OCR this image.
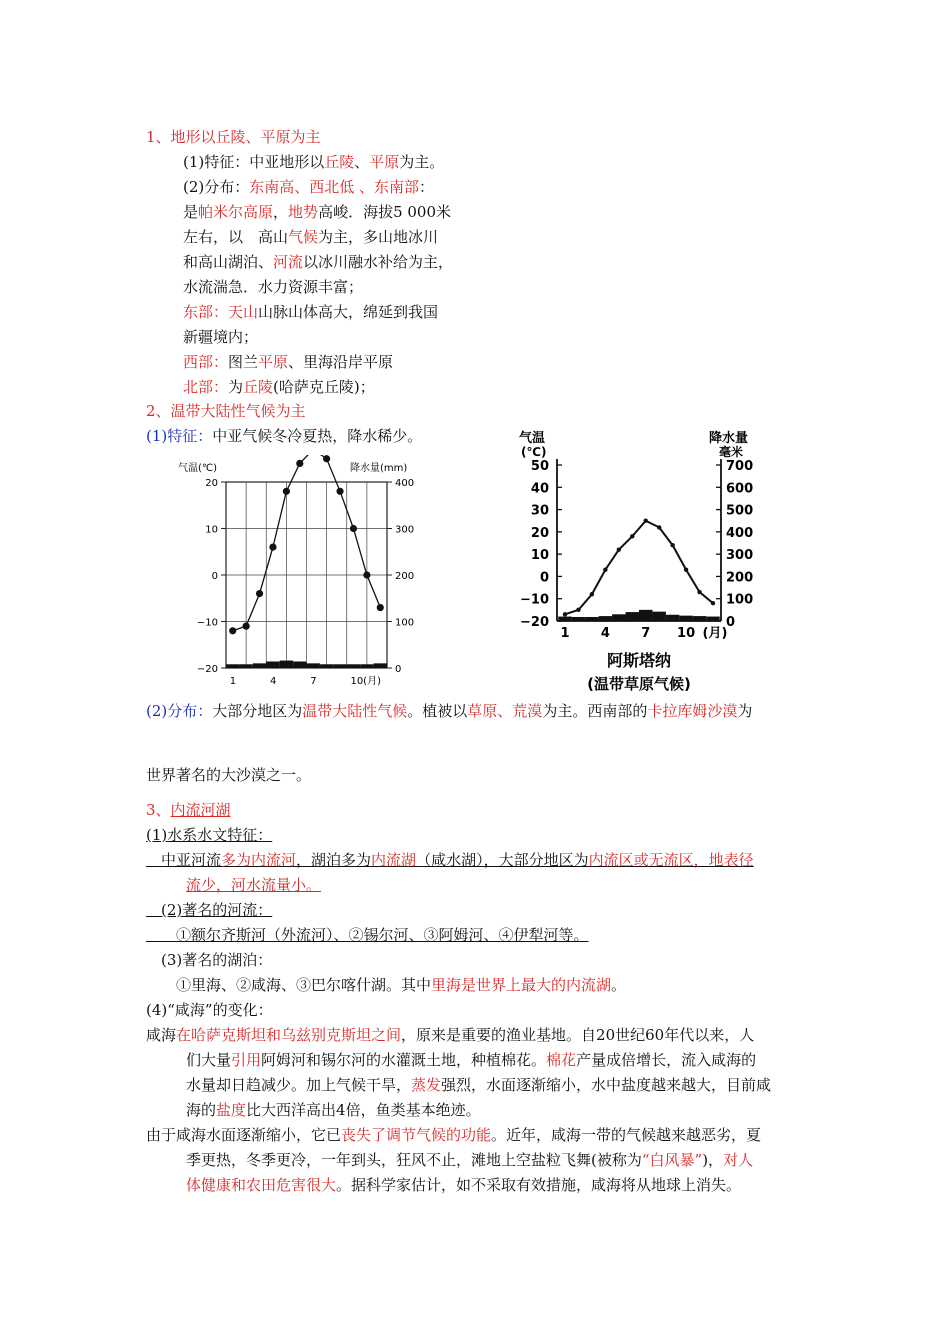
1、地形以丘陵、平原为主
(1)特征：中亚地形以丘陵、平原为主。
(2)分布：东南高、西北低 、东南部：
是帕米尔高原，地势高峻．海拔5 000米
左右，以　高山气候为主，多山地冰川
和高山湖泊、河流以冰川融水补给为主，
水流湍急．水力资源丰富；
东部：天山山脉山体高大，绵延到我国
新疆境内；
西部：图兰平原、里海沿岸平原
北部：为丘陵(哈萨克丘陵)；
2、温带大陆性气候为主
(1)特征：中亚气候冬冷夏热，降水稀少。
气温(℃)	降水量(mm)
20
10
0
−10
−20
400
300
200
100
0
1	4	7	10(月)
气温
(℃)
降水量
毫米
50
40
30
20
10
0
−10
−20
700
600
500
400
300
200
100
0
1 4 7 10 (月)
阿斯塔纳
(温带草原气候)
(2)分布：大部分地区为温带大陆性气候。植被以草原、荒漠为主。西南部的卡拉库姆沙漠为
世界著名的大沙漠之一。
3、内流河湖
(1)水系水文特征：
　中亚河流多为内流河，湖泊多为内流湖（咸水湖），大部分地区为内流区或无流区，地表径
流少，河水流量小。
　(2)著名的河流：
　　①额尔齐斯河（外流河）、②锡尔河、③阿姆河、④伊犁河等。
　(3)著名的湖泊：
①里海、②咸海、③巴尔喀什湖。其中里海是世界上最大的内流湖。
(4)“咸海”的变化：
咸海在哈萨克斯坦和乌兹别克斯坦之间，原来是重要的渔业基地。自20世纪60年代以来，人
们大量引用阿姆河和锡尔河的水灌溉土地，种植棉花。棉花产量成倍增长，流入咸海的
水量却日趋减少。加上气候干旱，蒸发强烈，水面逐渐缩小，水中盐度越来越大，目前咸
海的盐度比大西洋高出4倍，鱼类基本绝迹。
由于咸海水面逐渐缩小，它已丧失了调节气候的功能。近年，咸海一带的气候越来越恶劣，夏
季更热，冬季更冷，一年到头，狂风不止，滩地上空盐粒飞舞(被称为“白风暴”)，对人
体健康和农田危害很大。据科学家估计，如不采取有效措施，咸海将从地球上消失。
